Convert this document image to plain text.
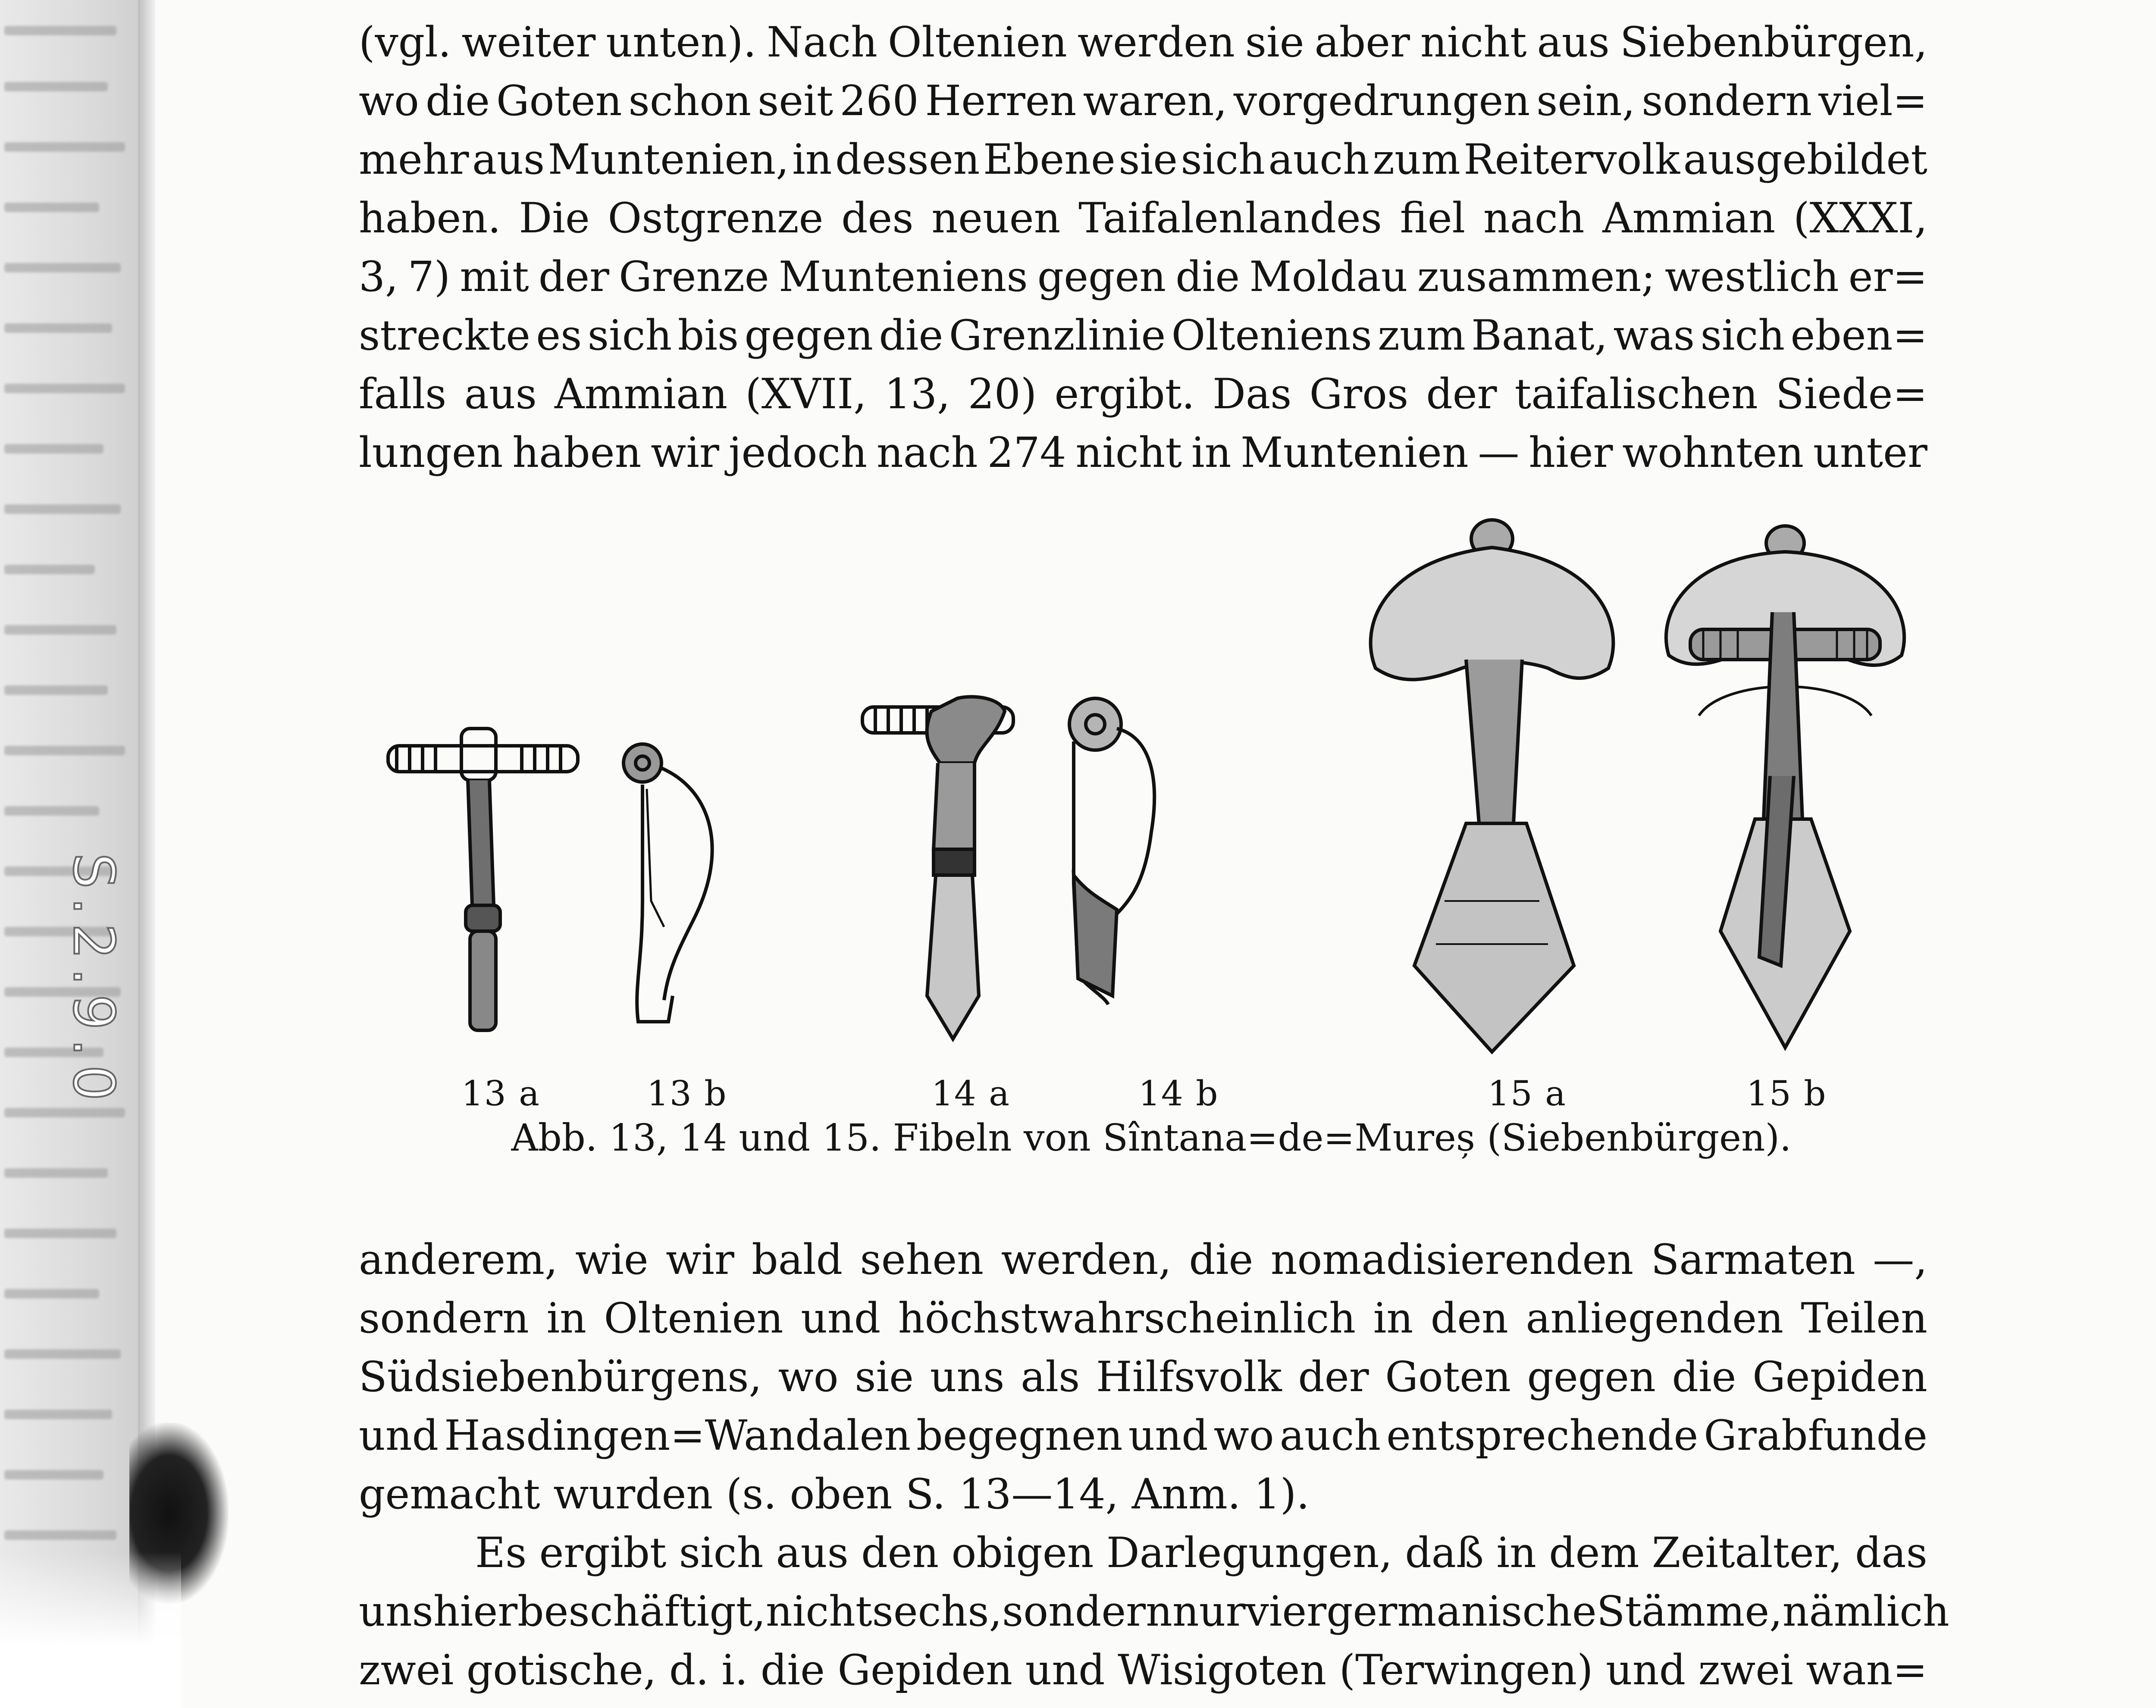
S.2.9.0
(vgl. weiter unten). Nach Oltenien werden sie aber nicht aus Siebenbürgen,
wo die Goten schon seit 260 Herren waren, vorgedrungen sein, sondern viel=
mehr aus Muntenien, in dessen Ebene sie sich auch zum Reitervolk ausgebildet
haben. Die Ostgrenze des neuen Taifalenlandes fiel nach Ammian (XXXI,
3, 7) mit der Grenze Munteniens gegen die Moldau zusammen; westlich er=
streckte es sich bis gegen die Grenzlinie Olteniens zum Banat, was sich eben=
falls aus Ammian (XVII, 13, 20) ergibt. Das Gros der taifalischen Siede=
lungen haben wir jedoch nach 274 nicht in Muntenien — hier wohnten unter
13 a	13 b	14 a	14 b	15 a	15 b
Abb. 13, 14 und 15. Fibeln von Sîntana=de=Mureș (Siebenbürgen).
anderem, wie wir bald sehen werden, die nomadisierenden Sarmaten —,
sondern in Oltenien und höchstwahrscheinlich in den anliegenden Teilen
Südsiebenbürgens, wo sie uns als Hilfsvolk der Goten gegen die Gepiden
und Hasdingen=Wandalen begegnen und wo auch entsprechende Grabfunde
gemacht wurden (s. oben S. 13—14, Anm. 1).
Es ergibt sich aus den obigen Darlegungen, daß in dem Zeitalter, das
uns hier beschäftigt, nicht sechs, sondern nur vier germanische Stämme, nämlich
zwei gotische, d. i. die Gepiden und Wisigoten (Terwingen) und zwei wan=
